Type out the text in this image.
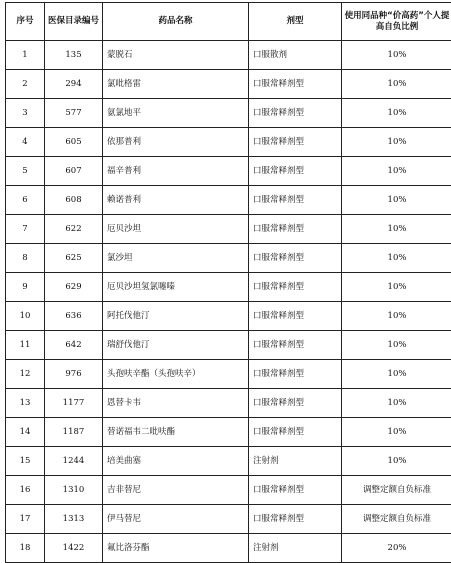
序号	医保目录编号	药品名称	剂型	使用同品种“价高药”个人提高自负比例
1	135	蒙脱石	口服散剂	10%
2	294	氯吡格雷	口服常释剂型	10%
3	577	氨氯地平	口服常释剂型	10%
4	605	依那普利	口服常释剂型	10%
5	607	福辛普利	口服常释剂型	10%
6	608	赖诺普利	口服常释剂型	10%
7	622	厄贝沙坦	口服常释剂型	10%
8	625	氯沙坦	口服常释剂型	10%
9	629	厄贝沙坦氢氯噻嗪	口服常释剂型	10%
10	636	阿托伐他汀	口服常释剂型	10%
11	642	瑞舒伐他汀	口服常释剂型	10%
12	976	头孢呋辛酯（头孢呋辛）	口服常释剂型	10%
13	1177	恩替卡韦	口服常释剂型	10%
14	1187	替诺福韦二吡呋酯	口服常释剂型	10%
15	1244	培美曲塞	注射剂	10%
16	1310	吉非替尼	口服常释剂型	调整定额自负标准
17	1313	伊马替尼	口服常释剂型	调整定额自负标准
18	1422	氟比洛芬酯	注射剂	20%
